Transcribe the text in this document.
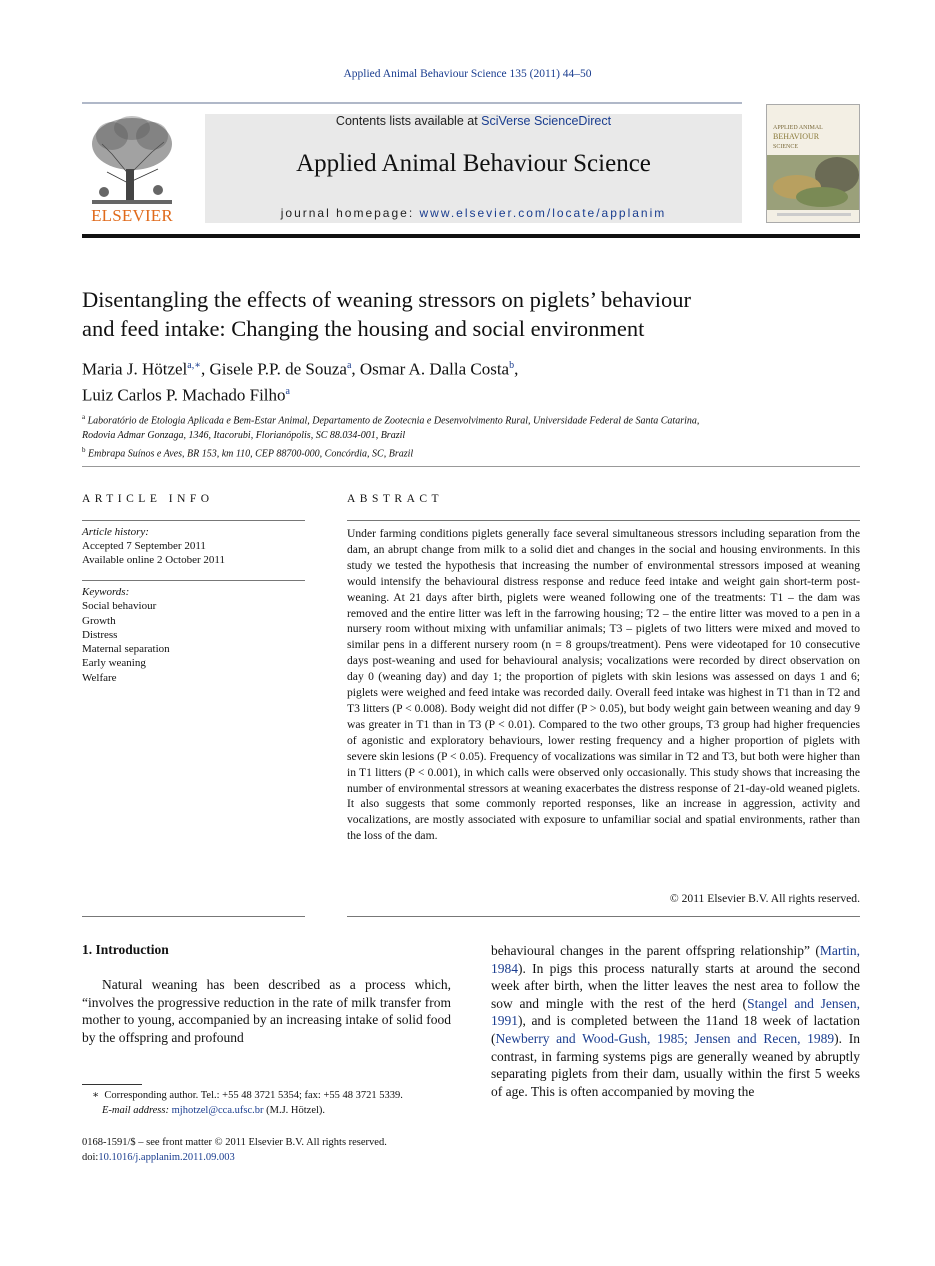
Applied Animal Behaviour Science 135 (2011) 44–50
ELSEVIER
Contents lists available at SciVerse ScienceDirect
Applied Animal Behaviour Science
journal homepage: www.elsevier.com/locate/applanim
APPLIED ANIMAL
BEHAVIOUR
SCIENCE
Disentangling the effects of weaning stressors on piglets’ behaviour
and feed intake: Changing the housing and social environment
Maria J. Hötzel$^{a,∗}$, Gisele P.P. de Souza$^a$, Osmar A. Dalla Costa$^b$,
Luiz Carlos P. Machado Filho$^a$
$^a$ Laboratório de Etologia Aplicada e Bem-Estar Animal, Departamento de Zootecnia e Desenvolvimento Rural, Universidade Federal de Santa Catarina,
Rodovia Admar Gonzaga, 1346, Itacorubi, Florianópolis, SC 88.034-001, Brazil
$^b$ Embrapa Suínos e Aves, BR 153, km 110, CEP 88700-000, Concórdia, SC, Brazil
ARTICLE INFO	ABSTRACT
Article history:
Accepted 7 September 2011
Available online 2 October 2011
Keywords:
Social behaviour
Growth
Distress
Maternal separation
Early weaning
Welfare
Under farming conditions piglets generally face several simultaneous stressors including separation from the dam, an abrupt change from milk to a solid diet and changes in the social and housing environments. In this study we tested the hypothesis that increasing the number of environmental stressors imposed at weaning would intensify the behavioural distress response and reduce feed intake and weight gain short-term post-weaning. At 21 days after birth, piglets were weaned following one of the treatments: T1 – the dam was removed and the entire litter was left in the farrowing housing; T2 – the entire litter was moved to a pen in a nursery room without mixing with unfamiliar animals; T3 – piglets of two litters were mixed and moved to similar pens in a different nursery room (n = 8 groups/treatment). Pens were videotaped for 10 consecutive days post-weaning and used for behavioural analysis; vocalizations were recorded by direct observation on day 0 (weaning day) and day 1; the proportion of piglets with skin lesions was assessed on days 1 and 6; piglets were weighed and feed intake was recorded daily. Overall feed intake was highest in T1 than in T2 and T3 litters (P < 0.008). Body weight did not differ (P > 0.05), but body weight gain between weaning and day 9 was greater in T1 than in T3 (P < 0.01). Compared to the two other groups, T3 group had higher frequencies of agonistic and exploratory behaviours, lower resting frequency and a higher proportion of piglets with severe skin lesions (P < 0.05). Frequency of vocalizations was similar in T2 and T3, but both were higher than in T1 litters (P < 0.001), in which calls were observed only occasionally. This study shows that increasing the number of environmental stressors at weaning exacerbates the distress response of 21-day-old weaned piglets. It also suggests that some commonly reported responses, like an increase in aggression, activity and vocalizations, are mostly associated with exposure to unfamiliar social and spatial environments, rather than the loss of the dam.
© 2011 Elsevier B.V. All rights reserved.
1. Introduction
Natural weaning has been described as a process which, “involves the progressive reduction in the rate of milk transfer from mother to young, accompanied by an increasing intake of solid food by the offspring and profound
behavioural changes in the parent offspring relationship” (Martin, 1984). In pigs this process naturally starts at around the second week after birth, when the litter leaves the nest area to follow the sow and mingle with the rest of the herd (Stangel and Jensen, 1991), and is completed between the 11and 18 week of lactation (Newberry and Wood-Gush, 1985; Jensen and Recen, 1989). In contrast, in farming systems pigs are generally weaned by abruptly separating piglets from their dam, usually within the first 5 weeks of age. This is often accompanied by moving the
∗ Corresponding author. Tel.: +55 48 3721 5354; fax: +55 48 3721 5339.
E-mail address: mjhotzel@cca.ufsc.br (M.J. Hötzel).
0168-1591/$ – see front matter © 2011 Elsevier B.V. All rights reserved.
doi:10.1016/j.applanim.2011.09.003
